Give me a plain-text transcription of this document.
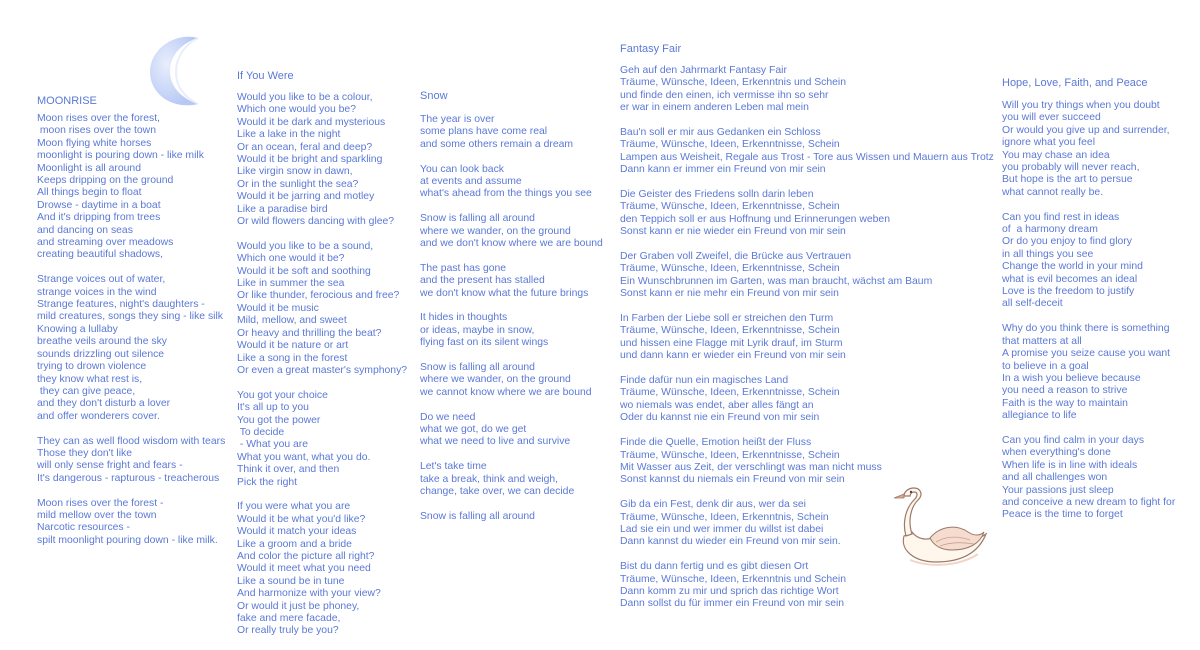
MOONRISE
Moon rises over the forest,
moon rises over the town
Moon flying white horses
moonlight is pouring down - like milk
Moonlight is all around
Keeps dripping on the ground
All things begin to float
Drowse - daytime in a boat
And it's dripping from trees
and dancing on seas
and streaming over meadows
creating beautiful shadows,
Strange voices out of water,
strange voices in the wind
Strange features, night's daughters -
mild creatures, songs they sing - like silk
Knowing a lullaby
breathe veils around the sky
sounds drizzling out silence
trying to drown violence
they know what rest is,
they can give peace,
and they don't disturb a lover
and offer wonderers cover.
They can as well flood wisdom with tears
Those they don't like
will only sense fright and fears -
It's dangerous - rapturous - treacherous
Moon rises over the forest -
mild mellow over the town
Narcotic resources -
spilt moonlight pouring down - like milk.
If You Were
Would you like to be a colour,
Which one would you be?
Would it be dark and mysterious
Like a lake in the night
Or an ocean, feral and deep?
Would it be bright and sparkling
Like virgin snow in dawn,
Or in the sunlight the sea?
Would it be jarring and motley
Like a paradise bird
Or wild flowers dancing with glee?
Would you like to be a sound,
Which one would it be?
Would it be soft and soothing
Like in summer the sea
Or like thunder, ferocious and free?
Would it be music
Mild, mellow, and sweet
Or heavy and thrilling the beat?
Would it be nature or art
Like a song in the forest
Or even a great master's symphony?
You got your choice
It's all up to you
You got the power
To decide
- What you are
What you want, what you do.
Think it over, and then
Pick the right
If you were what you are
Would it be what you'd like?
Would it match your ideas
Like a groom and a bride
And color the picture all right?
Would it meet what you need
Like a sound be in tune
And harmonize with your view?
Or would it just be phoney,
fake and mere facade,
Or really truly be you?
Snow
The year is over
some plans have come real
and some others remain a dream
You can look back
at events and assume
what's ahead from the things you see
Snow is falling all around
where we wander, on the ground
and we don't know where we are bound
The past has gone
and the present has stalled
we don't know what the future brings
It hides in thoughts
or ideas, maybe in snow,
flying fast on its silent wings
Snow is falling all around
where we wander, on the ground
we cannot know where we are bound
Do we need
what we got, do we get
what we need to live and survive
Let's take time
take a break, think and weigh,
change, take over, we can decide
Snow is falling all around
Fantasy Fair
Geh auf den Jahrmarkt Fantasy Fair
Träume, Wünsche, Ideen, Erkenntnis und Schein
und finde den einen, ich vermisse ihn so sehr
er war in einem anderen Leben mal mein
Bau'n soll er mir aus Gedanken ein Schloss
Träume, Wünsche, Ideen, Erkenntnisse, Schein
Lampen aus Weisheit, Regale aus Trost - Tore aus Wissen und Mauern aus Trotz
Dann kann er immer ein Freund von mir sein
Die Geister des Friedens solln darin leben
Träume, Wünsche, Ideen, Erkenntnisse, Schein
den Teppich soll er aus Hoffnung und Erinnerungen weben
Sonst kann er nie wieder ein Freund von mir sein
Der Graben voll Zweifel, die Brücke aus Vertrauen
Träume, Wünsche, Ideen, Erkenntnisse, Schein
Ein Wunschbrunnen im Garten, was man braucht, wächst am Baum
Sonst kann er nie mehr ein Freund von mir sein
In Farben der Liebe soll er streichen den Turm
Träume, Wünsche, Ideen, Erkenntnisse, Schein
und hissen eine Flagge mit Lyrik drauf, im Sturm
und dann kann er wieder ein Freund von mir sein
Finde dafür nun ein magisches Land
Träume, Wünsche, Ideen, Erkenntnisse, Schein
wo niemals was endet, aber alles fängt an
Oder du kannst nie ein Freund von mir sein
Finde die Quelle, Emotion heißt der Fluss
Träume, Wünsche, Ideen, Erkenntnisse, Schein
Mit Wasser aus Zeit, der verschlingt was man nicht muss
Sonst kannst du niemals ein Freund von mir sein
Gib da ein Fest, denk dir aus, wer da sei
Träume, Wünsche, Ideen, Erkenntnis, Schein
Lad sie ein und wer immer du willst ist dabei
Dann kannst du wieder ein Freund von mir sein.
Bist du dann fertig und es gibt diesen Ort
Träume, Wünsche, Ideen, Erkenntnis und Schein
Dann komm zu mir und sprich das richtige Wort
Dann sollst du für immer ein Freund von mir sein
Hope, Love, Faith, and Peace
Will you try things when you doubt
you will ever succeed
Or would you give up and surrender,
ignore what you feel
You may chase an idea
you probably will never reach,
But hope is the art to persue
what cannot really be.
Can you find rest in ideas
of  a harmony dream
Or do you enjoy to find glory
in all things you see
Change the world in your mind
what is evil becomes an ideal
Love is the freedom to justify
all self-deceit
Why do you think there is something
that matters at all
A promise you seize cause you want
to believe in a goal
In a wish you believe because
you need a reason to strive
Faith is the way to maintain
allegiance to life
Can you find calm in your days
when everything's done
When life is in line with ideals
and all challenges won
Your passions just sleep
and conceive a new dream to fight for
Peace is the time to forget
